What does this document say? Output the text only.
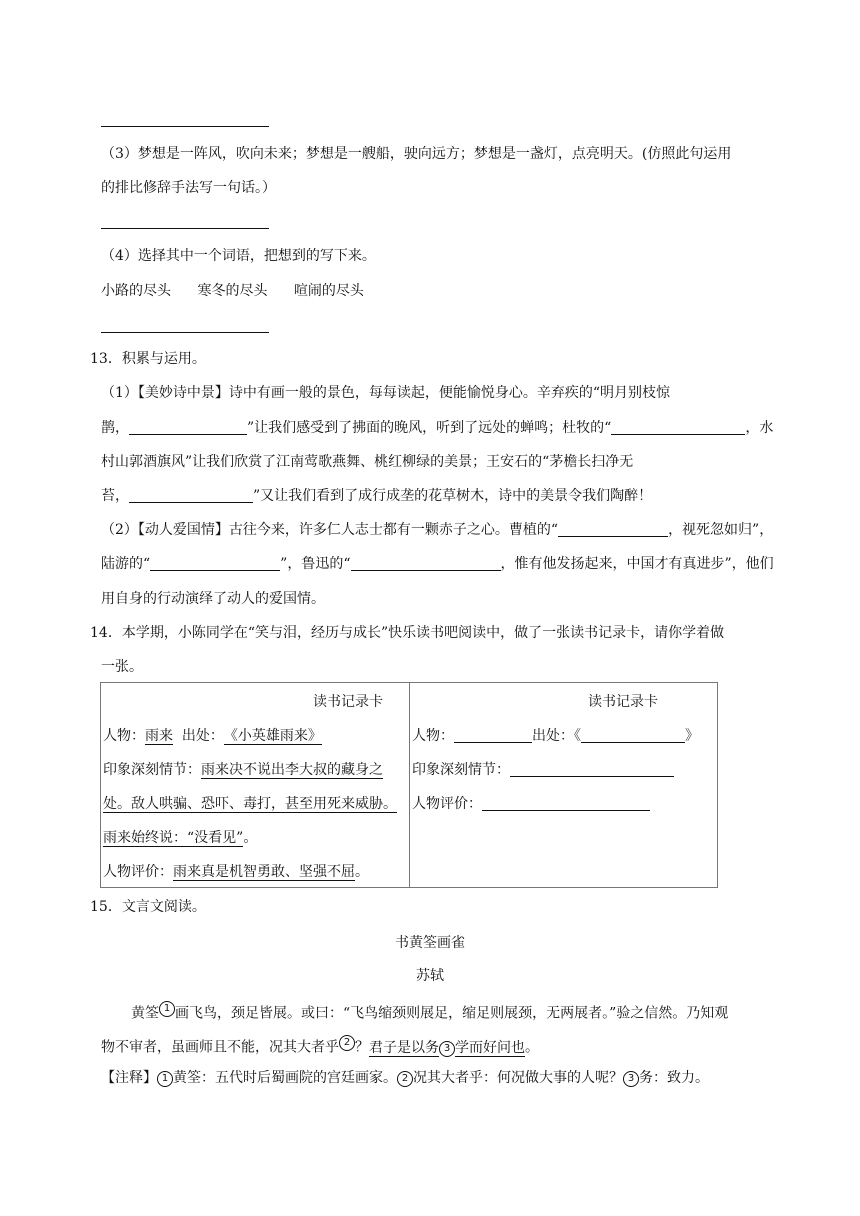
（3）梦想是一阵风，吹向未来；梦想是一艘船，驶向远方；梦想是一盏灯，点亮明天。(仿照此句运用
的排比修辞手法写一句话。）
（4）选择其中一个词语，把想到的写下来。
小路的尽头 寒冬的尽头 喧闹的尽头
13．积累与运用。
（1）【美妙诗中景】诗中有画一般的景色，每每读起，便能愉悦身心。辛弃疾的“明月别枝惊
鹊，	”让我们感受到了拂面的晚风，听到了远处的蝉鸣；杜牧的“	，水
村山郭酒旗风”让我们欣赏了江南莺歌燕舞、桃红柳绿的美景；王安石的“茅檐长扫净无
苔，	”又让我们看到了成行成垄的花草树木，诗中的美景令我们陶醉！
（2）【动人爱国情】古往今来，许多仁人志士都有一颗赤子之心。曹植的“	，视死忽如归”，
陆游的“	”，鲁迅的“	，惟有他发扬起来，中国才有真进步”，他们
用自身的行动演绎了动人的爱国情。
14．本学期，小陈同学在“笑与泪，经历与成长”快乐读书吧阅读中，做了一张读书记录卡，请你学着做
一张。
读书记录卡
人物：雨来 出处：《小英雄雨来》
印象深刻情节：雨来决不说出李大叔的藏身之
处。敌人哄骗、恐吓、毒打，甚至用死来威胁。
雨来始终说：“没看见”。
人物评价：雨来真是机智勇敢、坚强不屈。

读书记录卡
人物：	出处：《	》
印象深刻情节：
人物评价：
15．文言文阅读。
书黄筌画雀
苏轼
黄筌 $^1$ 画飞鸟，颈足皆展。或曰：“飞鸟缩颈则展足，缩足则展颈，无两展者。”验之信然。乃知观
物不审者，虽画师且不能，况其大者乎 $^2$ ？君子是以务 3 学而好问也。
【注释】 1 黄筌：五代时后蜀画院的宫廷画家。 2 况其大者乎：何况做大事的人呢？ 3 务：致力。
